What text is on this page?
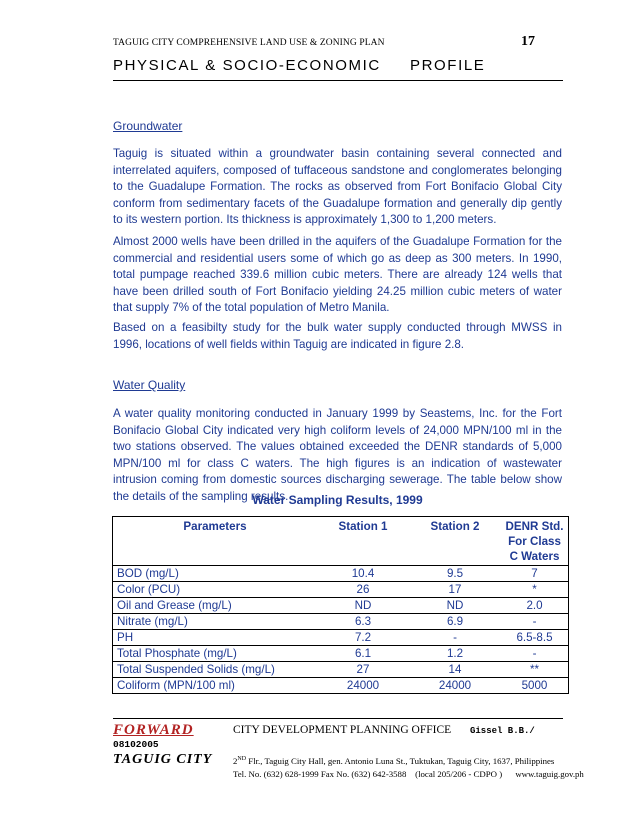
TAGUIG CITY COMPREHENSIVE LAND USE & ZONING PLAN	17
PHYSICAL & SOCIO-ECONOMIC PROFILE
Groundwater

Taguig is situated within a groundwater basin containing several connected and interrelated aquifers, composed of tuffaceous sandstone and conglomerates belonging to the Guadalupe Formation. The rocks as observed from Fort Bonifacio Global City conform from sedimentary facets of the Guadalupe formation and generally dip gently to its western portion. Its thickness is approximately 1,300 to 1,200 meters.

Almost 2000 wells have been drilled in the aquifers of the Guadalupe Formation for the commercial and residential users some of which go as deep as 300 meters. In 1990, total pumpage reached 339.6 million cubic meters. There are already 124 wells that have been drilled south of Fort Bonifacio yielding 24.25 million cubic meters of water that supply 7% of the total population of Metro Manila.

Based on a feasibilty study for the bulk water supply conducted through MWSS in 1996, locations of well fields within Taguig are indicated in figure 2.8.

Water Quality

A water quality monitoring conducted in January 1999 by Seastems, Inc. for the Fort Bonifacio Global City indicated very high coliform levels of 24,000 MPN/100 ml in the two stations observed. The values obtained exceeded the DENR standards of 5,000 MPN/100 ml for class C waters. The high figures is an indication of wastewater intrusion coming from domestic sources discharging sewerage. The table below show the details of the sampling results.

Water Sampling Results, 1999
Parameters	Station 1	Station 2	DENR Std. For Class C Waters
BOD (mg/L)	10.4	9.5	7
Color (PCU)	26	17	*
Oil and Grease (mg/L)	ND	ND	2.0
Nitrate (mg/L)	6.3	6.9	-
PH	7.2	-	6.5-8.5
Total Phosphate (mg/L)	6.1	1.2	-
Total Suspended Solids (mg/L)	27	14	**
Coliform (MPN/100 ml)	24000	24000	5000
FORWARD
08102005
TAGUIG CITY
CITY DEVELOPMENT PLANNING OFFICE Gissel B.B./
2ND Flr., Taguig City Hall, gen. Antonio Luna St., Tuktukan, Taguig City, 1637, Philippines
Tel. No. (632) 628-1999 Fax No. (632) 642-3588    (local 205/206 - CDPO )      www.taguig.gov.ph
